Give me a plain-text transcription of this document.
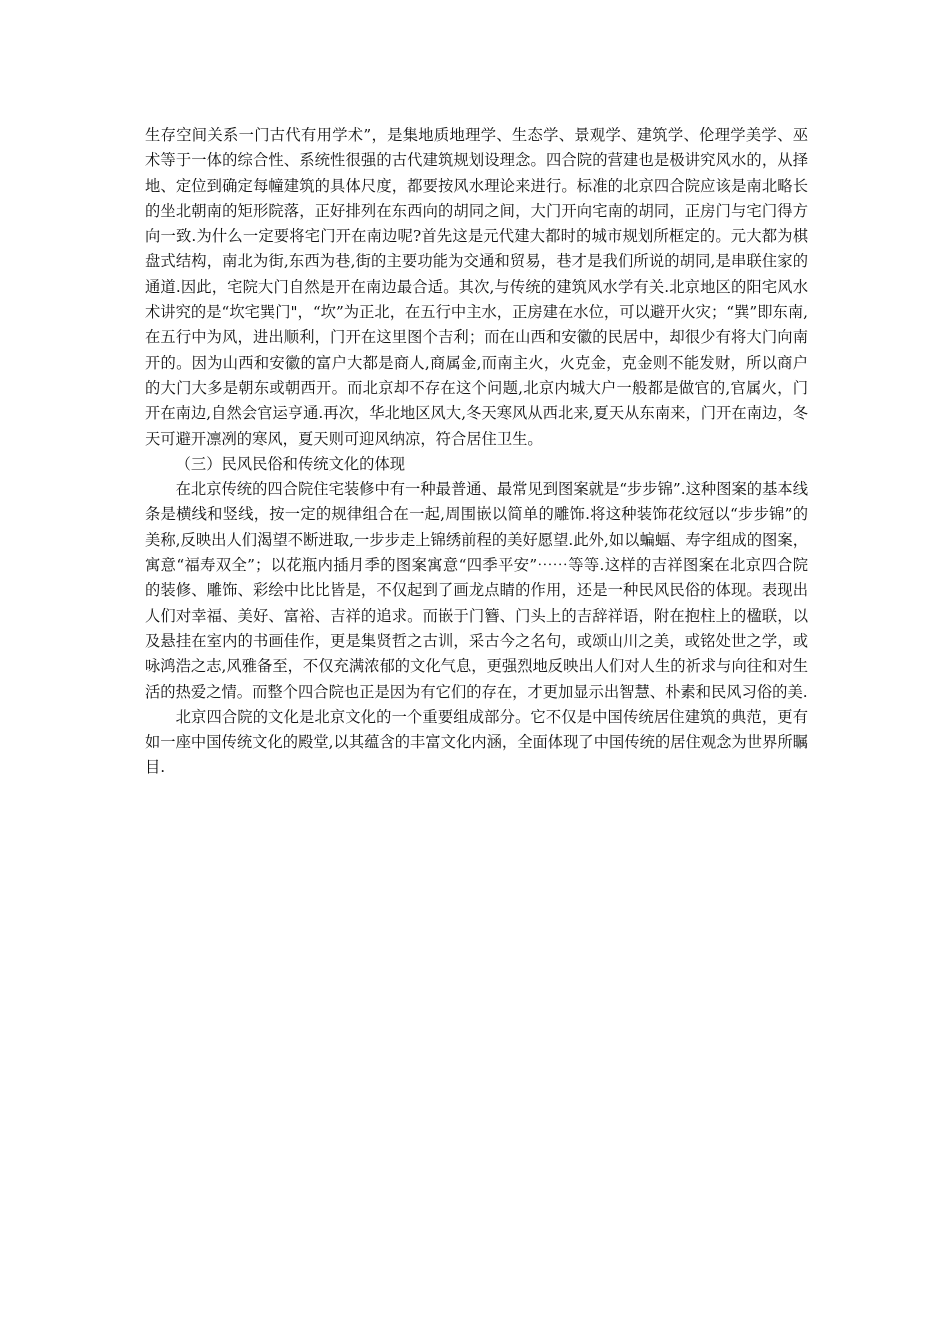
生存空间关系一门古代有用学术”，是集地质地理学、生态学、景观学、建筑学、伦理学美学、巫术等于一体的综合性、系统性很强的古代建筑规划设理念。四合院的营建也是极讲究风水的，从择地、定位到确定每幢建筑的具体尺度，都要按风水理论来进行。标准的北京四合院应该是南北略长的坐北朝南的矩形院落，正好排列在东西向的胡同之间，大门开向宅南的胡同，正房门与宅门得方向一致.为什么一定要将宅门开在南边呢?首先这是元代建大都时的城市规划所框定的。元大都为棋盘式结构，南北为街,东西为巷,街的主要功能为交通和贸易，巷才是我们所说的胡同,是串联住家的通道.因此，宅院大门自然是开在南边最合适。其次,与传统的建筑风水学有关.北京地区的阳宅风水术讲究的是“坎宅巽门"，“坎”为正北，在五行中主水，正房建在水位，可以避开火灾；“巽”即东南,在五行中为风，进出顺利，门开在这里图个吉利；而在山西和安徽的民居中，却很少有将大门向南开的。因为山西和安徽的富户大都是商人,商属金,而南主火，火克金，克金则不能发财，所以商户的大门大多是朝东或朝西开。而北京却不存在这个问题,北京内城大户一般都是做官的,官属火，门开在南边,自然会官运亨通.再次，华北地区风大,冬天寒风从西北来,夏天从东南来，门开在南边，冬天可避开凛冽的寒风，夏天则可迎风纳凉，符合居住卫生。

（三）民风民俗和传统文化的体现

在北京传统的四合院住宅装修中有一种最普通、最常见到图案就是“步步锦”.这种图案的基本线条是横线和竖线，按一定的规律组合在一起,周围嵌以简单的雕饰.将这种装饰花纹冠以“步步锦”的美称,反映出人们渴望不断进取,一步步走上锦绣前程的美好愿望.此外,如以蝙蝠、寿字组成的图案，寓意“福寿双全”；以花瓶内插月季的图案寓意“四季平安”⋯⋯等等.这样的吉祥图案在北京四合院的装修、雕饰、彩绘中比比皆是，不仅起到了画龙点睛的作用，还是一种民风民俗的体现。表现出人们对幸福、美好、富裕、吉祥的追求。而嵌于门簪、门头上的吉辞祥语，附在抱柱上的楹联，以及悬挂在室内的书画佳作，更是集贤哲之古训，采古今之名句，或颂山川之美，或铭处世之学，或咏鸿浩之志,风雅备至，不仅充满浓郁的文化气息，更强烈地反映出人们对人生的祈求与向往和对生活的热爱之情。而整个四合院也正是因为有它们的存在，才更加显示出智慧、朴素和民风习俗的美.

北京四合院的文化是北京文化的一个重要组成部分。它不仅是中国传统居住建筑的典范，更有如一座中国传统文化的殿堂,以其蕴含的丰富文化内涵，全面体现了中国传统的居住观念为世界所瞩目.
